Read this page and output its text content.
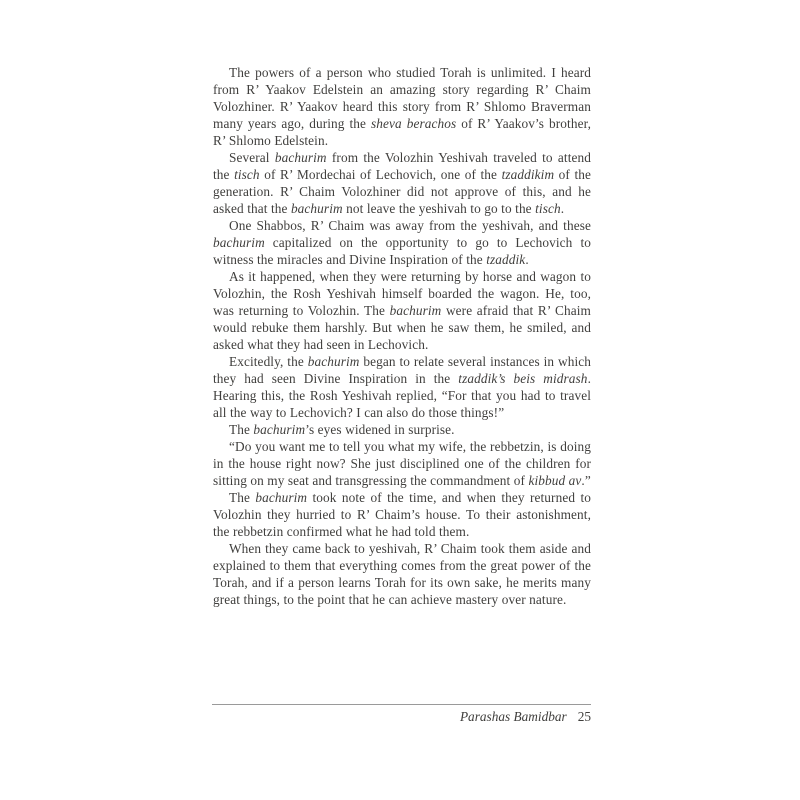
The powers of a person who studied Torah is unlimited. I heard from R’ Yaakov Edelstein an amazing story regarding R’ Chaim Volozhiner. R’ Yaakov heard this story from R’ Shlomo Braverman many years ago, during the sheva berachos of R’ Yaakov’s brother, R’ Shlomo Edelstein.

Several bachurim from the Volozhin Yeshivah traveled to attend the tisch of R’ Mordechai of Lechovich, one of the tzaddikim of the generation. R’ Chaim Volozhiner did not approve of this, and he asked that the bachurim not leave the yeshivah to go to the tisch.

One Shabbos, R’ Chaim was away from the yeshivah, and these bachurim capitalized on the opportunity to go to Lechovich to witness the miracles and Divine Inspiration of the tzaddik.

As it happened, when they were returning by horse and wagon to Volozhin, the Rosh Yeshivah himself boarded the wagon. He, too, was returning to Volozhin. The bachurim were afraid that R’ Chaim would rebuke them harshly. But when he saw them, he smiled, and asked what they had seen in Lechovich.

Excitedly, the bachurim began to relate several instances in which they had seen Divine Inspiration in the tzaddik’s beis midrash. Hearing this, the Rosh Yeshivah replied, “For that you had to travel all the way to Lechovich? I can also do those things!”

The bachurim’s eyes widened in surprise.

“Do you want me to tell you what my wife, the rebbetzin, is doing in the house right now? She just disciplined one of the children for sitting on my seat and transgressing the commandment of kibbud av.”

The bachurim took note of the time, and when they returned to Volozhin they hurried to R’ Chaim’s house. To their astonishment, the rebbetzin confirmed what he had told them.

When they came back to yeshivah, R’ Chaim took them aside and explained to them that everything comes from the great power of the Torah, and if a person learns Torah for its own sake, he merits many great things, to the point that he can achieve mastery over nature.

Parashas Bamidbar 25
